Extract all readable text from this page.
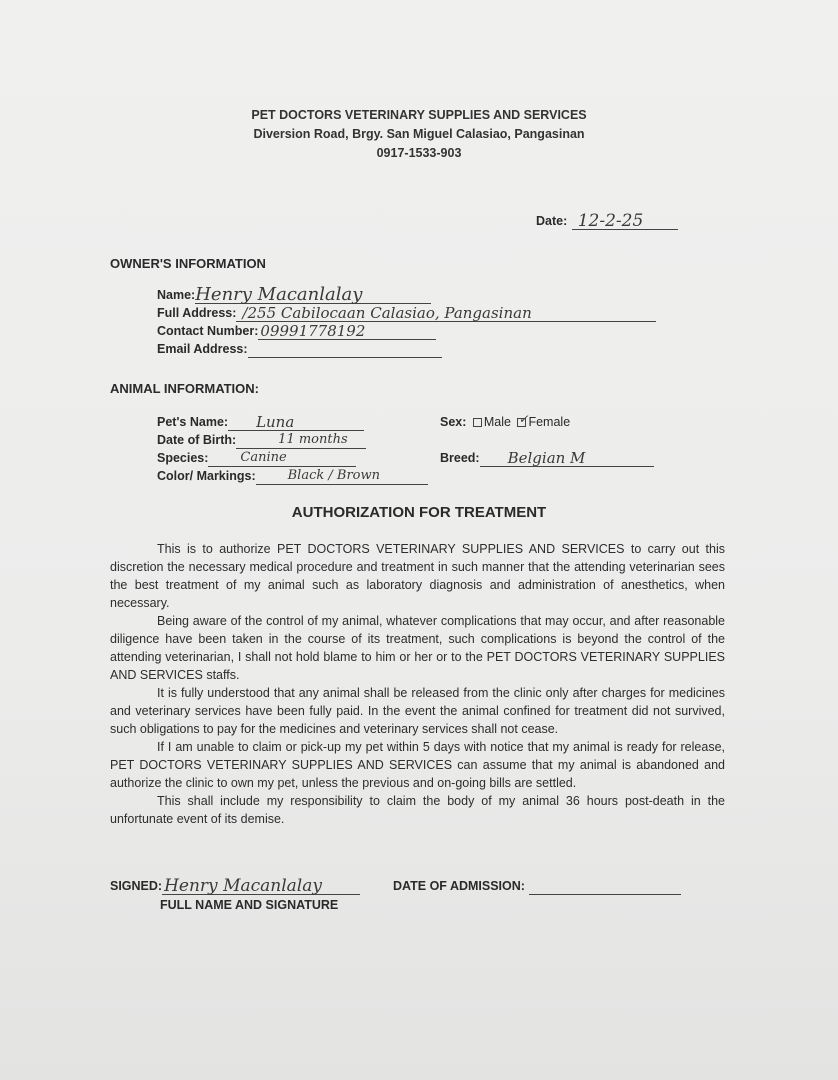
PET DOCTORS VETERINARY SUPPLIES AND SERVICES
Diversion Road, Brgy. San Miguel Calasiao, Pangasinan
0917-1533-903
Date: 12-2-25
OWNER'S INFORMATION
Name: Henry Macanlalay
Full Address: /255 Cabilocaan Calasiao, Pangasinan
Contact Number: 09991778192
Email Address:
ANIMAL INFORMATION:
Pet's Name: Luna
Date of Birth:	11 months
Species: Canine
Color/ Markings: Black / Brown
Sex: Male ✓ Female
Breed: Belgian M
AUTHORIZATION FOR TREATMENT

This is to authorize PET DOCTORS VETERINARY SUPPLIES AND SERVICES to carry out this discretion the necessary medical procedure and treatment in such manner that the attending veterinarian sees the best treatment of my animal such as laboratory diagnosis and administration of anesthetics, when necessary.

Being aware of the control of my animal, whatever complications that may occur, and after reasonable diligence have been taken in the course of its treatment, such complications is beyond the control of the attending veterinarian, I shall not hold blame to him or her or to the PET DOCTORS VETERINARY SUPPLIES AND SERVICES staffs.

It is fully understood that any animal shall be released from the clinic only after charges for medicines and veterinary services have been fully paid. In the event the animal confined for treatment did not survived, such obligations to pay for the medicines and veterinary services shall not cease.

If I am unable to claim or pick-up my pet within 5 days with notice that my animal is ready for release, PET DOCTORS VETERINARY SUPPLIES AND SERVICES can assume that my animal is abandoned and authorize the clinic to own my pet, unless the previous and on-going bills are settled.

This shall include my responsibility to claim the body of my animal 36 hours post-death in the unfortunate event of its demise.

SIGNED: Henry Macanlalay
FULL NAME AND SIGNATURE
DATE OF ADMISSION:
